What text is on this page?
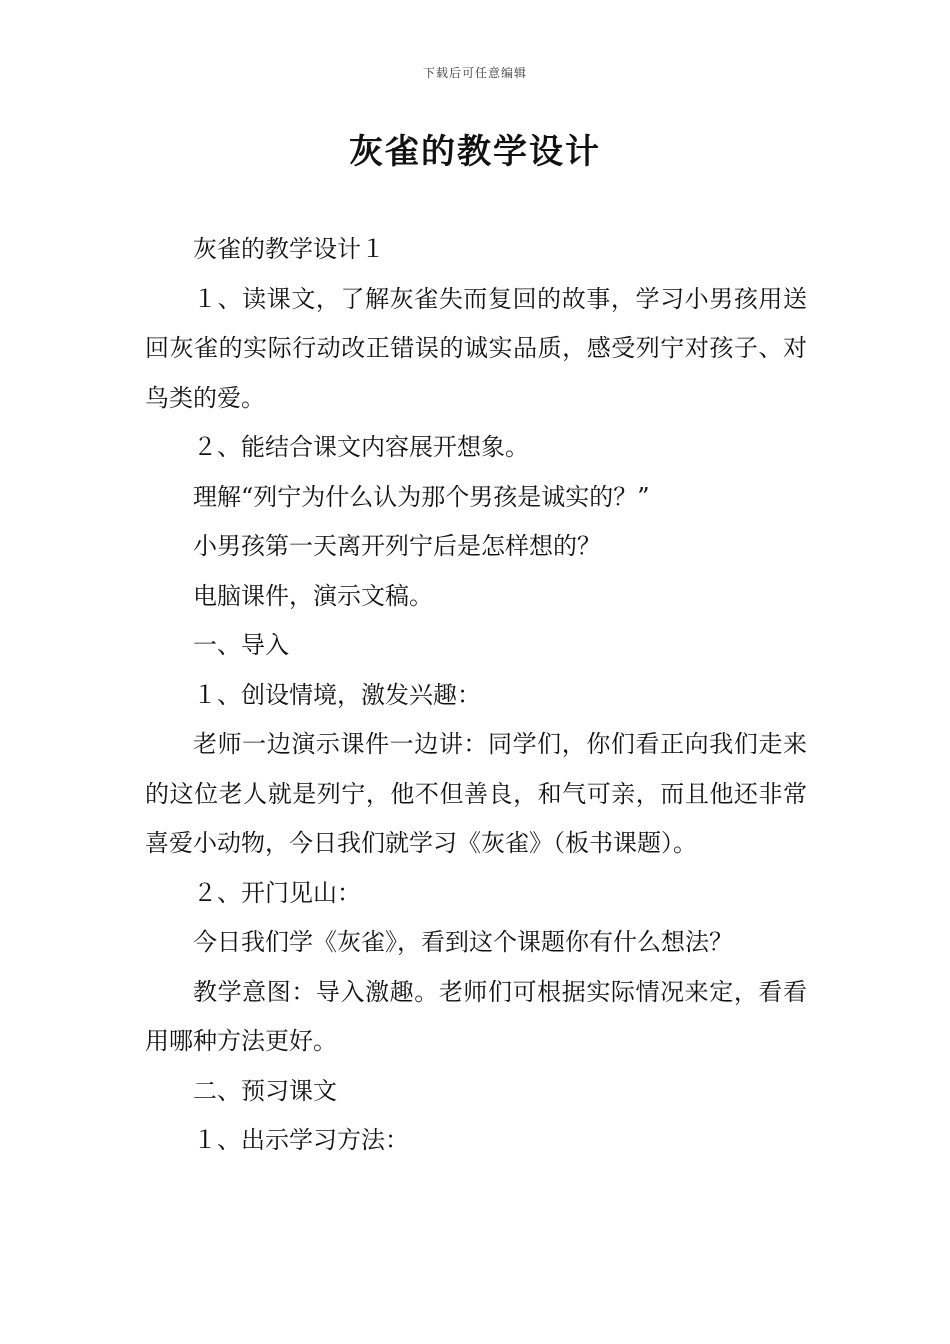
下载后可任意编辑
灰雀的教学设计

灰雀的教学设计１

１、读课文，了解灰雀失而复回的故事，学习小男孩用送回灰雀的实际行动改正错误的诚实品质，感受列宁对孩子、对鸟类的爱。

２、能结合课文内容展开想象。

理解“列宁为什么认为那个男孩是诚实的？”

小男孩第一天离开列宁后是怎样想的？

电脑课件，演示文稿。

一、导入

１、创设情境，激发兴趣：

老师一边演示课件一边讲：同学们，你们看正向我们走来的这位老人就是列宁，他不但善良，和气可亲，而且他还非常喜爱小动物，今日我们就学习《灰雀》（板书课题）。

２、开门见山：

今日我们学《灰雀》，看到这个课题你有什么想法？

教学意图：导入激趣。老师们可根据实际情况来定，看看用哪种方法更好。

二、预习课文

１、出示学习方法：
